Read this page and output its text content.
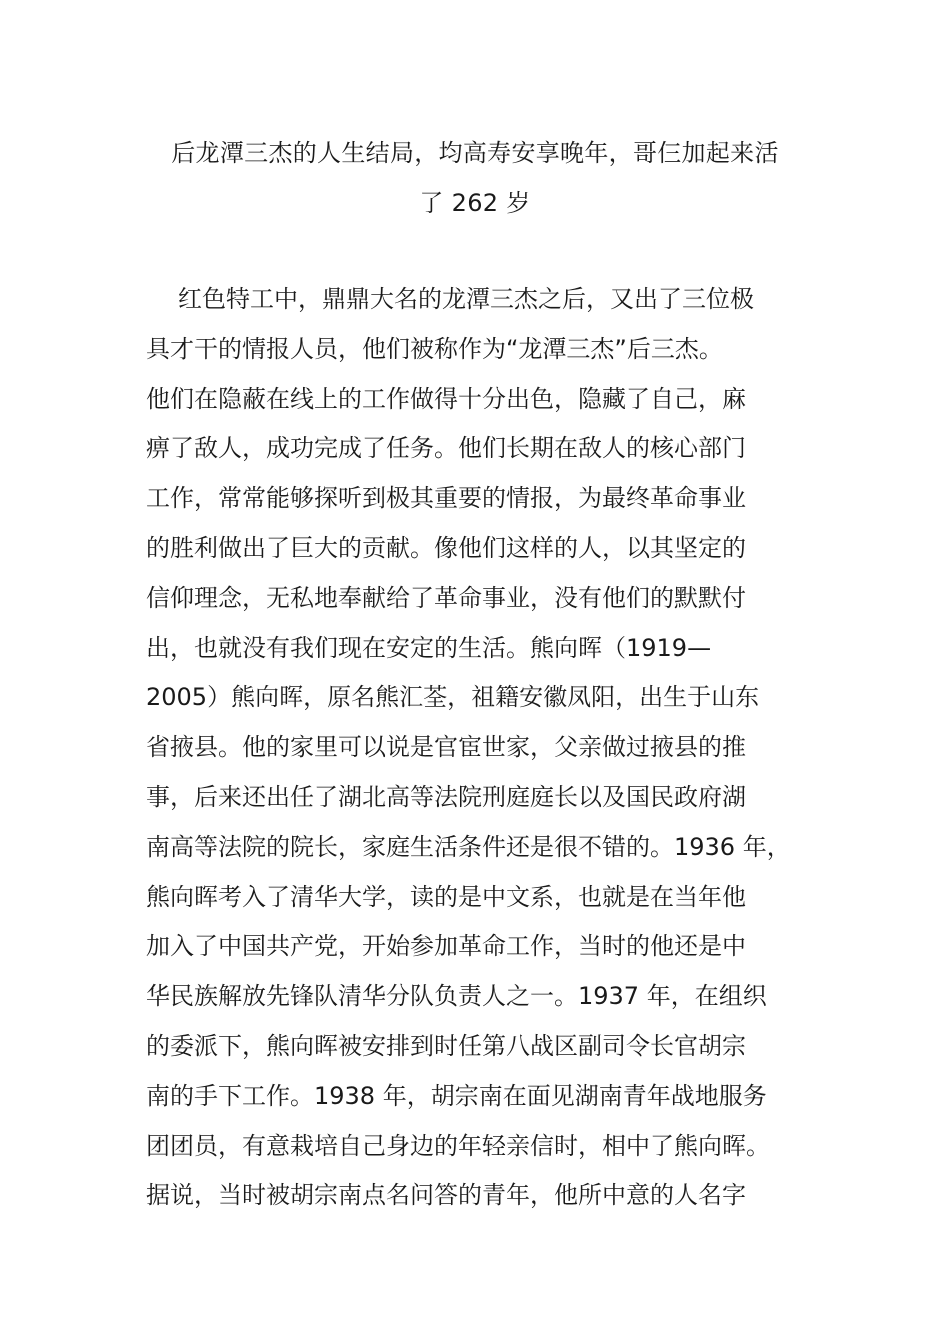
后龙潭三杰的人生结局，均高寿安享晚年，哥仨加起来活
了 262 岁
红色特工中，鼎鼎大名的龙潭三杰之后，又出了三位极
具才干的情报人员，他们被称作为“龙潭三杰”后三杰。
他们在隐蔽在线上的工作做得十分出色，隐藏了自己，麻
痹了敌人，成功完成了任务。他们长期在敌人的核心部门
工作，常常能够探听到极其重要的情报，为最终革命事业
的胜利做出了巨大的贡献。像他们这样的人，以其坚定的
信仰理念，无私地奉献给了革命事业，没有他们的默默付
出，也就没有我们现在安定的生活。熊向晖（1919—
2005）熊向晖，原名熊汇荃，祖籍安徽凤阳，出生于山东
省掖县。他的家里可以说是官宦世家，父亲做过掖县的推
事，后来还出任了湖北高等法院刑庭庭长以及国民政府湖
南高等法院的院长，家庭生活条件还是很不错的。1936 年，
熊向晖考入了清华大学，读的是中文系，也就是在当年他
加入了中国共产党，开始参加革命工作，当时的他还是中
华民族解放先锋队清华分队负责人之一。1937 年，在组织
的委派下，熊向晖被安排到时任第八战区副司令长官胡宗
南的手下工作。1938 年，胡宗南在面见湖南青年战地服务
团团员，有意栽培自己身边的年轻亲信时，相中了熊向晖。
据说，当时被胡宗南点名问答的青年，他所中意的人名字
